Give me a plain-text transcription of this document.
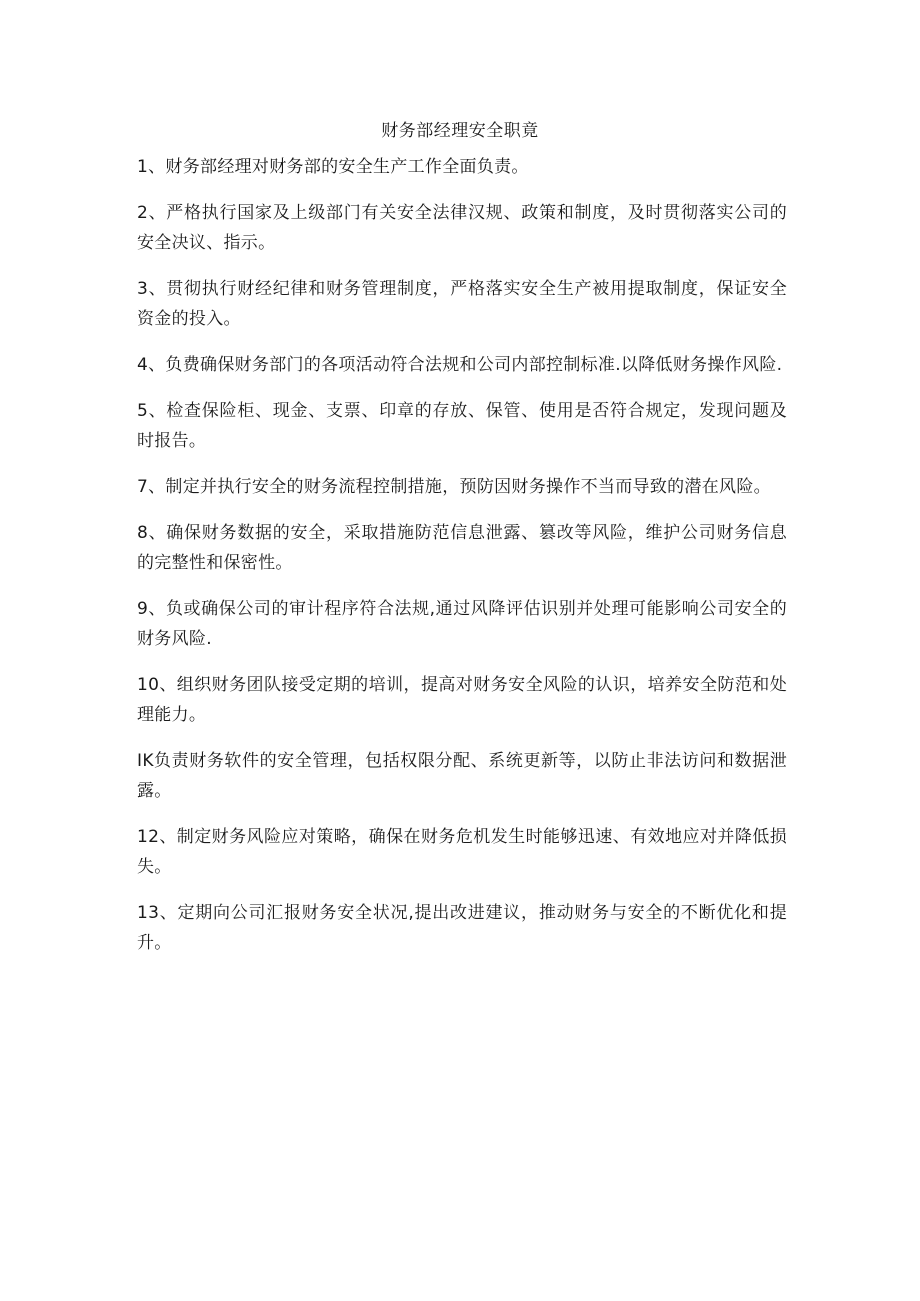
财务部经理安全职竟
1、财务部经理对财务部的安全生产工作全面负责。
2、严格执行国家及上级部门有关安全法律汉规、政策和制度，及时贯彻落实公司的安全决议、指示。
3、贯彻执行财经纪律和财务管理制度，严格落实安全生产被用提取制度，保证安全资金的投入。
4、负费确保财务部门的各项活动符合法规和公司内部控制标准.以降低财务操作风险.
5、检查保险柜、现金、支票、印章的存放、保管、使用是否符合规定，发现问题及时报告。
7、制定并执行安全的财务流程控制措施，预防因财务操作不当而导致的潜在风险。
8、确保财务数据的安全，采取措施防范信息泄露、篡改等风险，维护公司财务信息的完整性和保密性。
9、负或确保公司的审计程序符合法规,通过风降评估识别并处理可能影响公司安全的财务风险.
10、组织财务团队接受定期的培训，提高对财务安全风险的认识，培养安全防范和处理能力。
IK负责财务软件的安全管理，包括权限分配、系统更新等，以防止非法访问和数据泄露。
12、制定财务风险应对策略，确保在财务危机发生时能够迅速、有效地应对并降低损失。
13、定期向公司汇报财务安全状况,提出改进建议，推动财务与安全的不断优化和提升。
